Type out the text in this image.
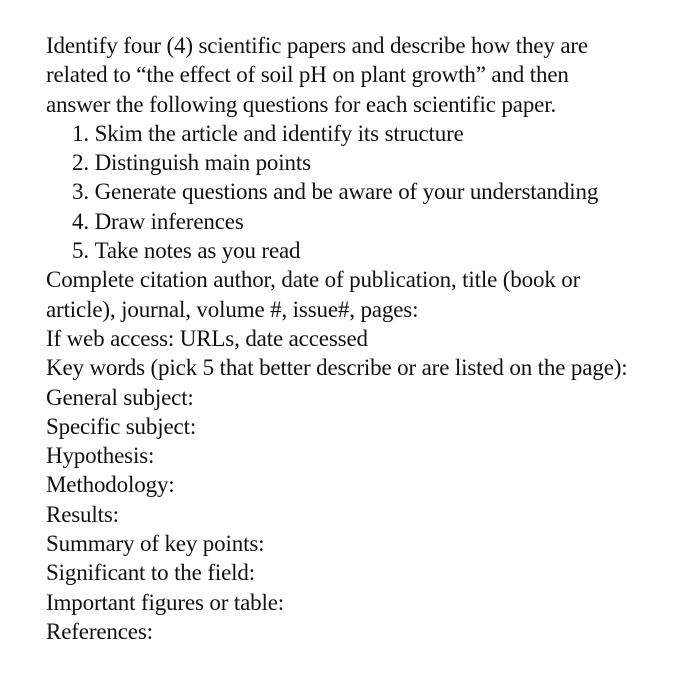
Identify four (4) scientific papers and describe how they are
related to “the effect of soil pH on plant growth” and then
answer the following questions for each scientific paper.
1 . Skim the article and identify its structure
2 . Distinguish main points
3 . Generate questions and be aware of your understanding
4 . Draw inferences
5 . Take notes as you read
Complete citation author, date of publication, title (book or
article), journal, volume #, issue#, pages:
If web access: URLs, date accessed
Key words (pick 5 that better describe or are listed on the page):
General subject:
Specific subject:
Hypothesis:
Methodology:
Results:
Summary of key points:
Significant to the field:
Important figures or table:
References:
